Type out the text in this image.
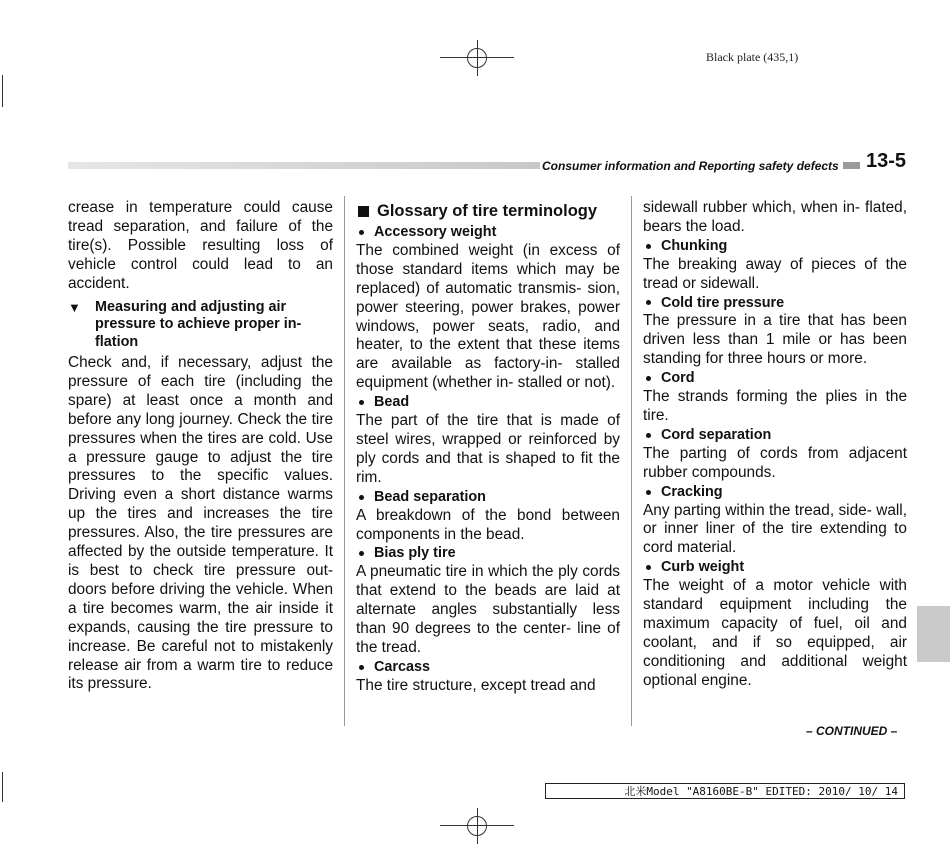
Black plate (435,1)
Consumer information and Reporting safety defects 13-5

crease in temperature could cause tread separation, and failure of the tire(s). Possible resulting loss of vehicle control could lead to an accident.

▼ Measuring and adjusting air pressure to achieve proper in- flation

Check and, if necessary, adjust the pressure of each tire (including the spare) at least once a month and before any long journey. Check the tire pressures when the tires are cold. Use a pressure gauge to adjust the tire pressures to the specific values. Driving even a short distance warms up the tires and increases the tire pressures. Also, the tire pressures are affected by the outside temperature. It is best to check tire pressure out- doors before driving the vehicle. When a tire becomes warm, the air inside it expands, causing the tire pressure to increase. Be careful not to mistakenly release air from a warm tire to reduce its pressure.

Glossary of tire terminology
Accessory weight

The combined weight (in excess of those standard items which may be replaced) of automatic transmis- sion, power steering, power brakes, power windows, power seats, radio, and heater, to the extent that these items are available as factory-in- stalled equipment (whether in- stalled or not).

Bead

The part of the tire that is made of steel wires, wrapped or reinforced by ply cords and that is shaped to fit the rim.

Bead separation

A breakdown of the bond between components in the bead.

Bias ply tire

A pneumatic tire in which the ply cords that extend to the beads are laid at alternate angles substantially less than 90 degrees to the center- line of the tread.

Carcass

The tire structure, except tread and

sidewall rubber which, when in- flated, bears the load.

Chunking

The breaking away of pieces of the tread or sidewall.

Cold tire pressure

The pressure in a tire that has been driven less than 1 mile or has been standing for three hours or more.

Cord

The strands forming the plies in the tire.

Cord separation

The parting of cords from adjacent rubber compounds.

Cracking

Any parting within the tread, side- wall, or inner liner of the tire extending to cord material.

Curb weight

The weight of a motor vehicle with standard equipment including the maximum capacity of fuel, oil and coolant, and if so equipped, air conditioning and additional weight optional engine.

– CONTINUED –
北米Model "A8160BE-B" EDITED: 2010/ 10/ 14
